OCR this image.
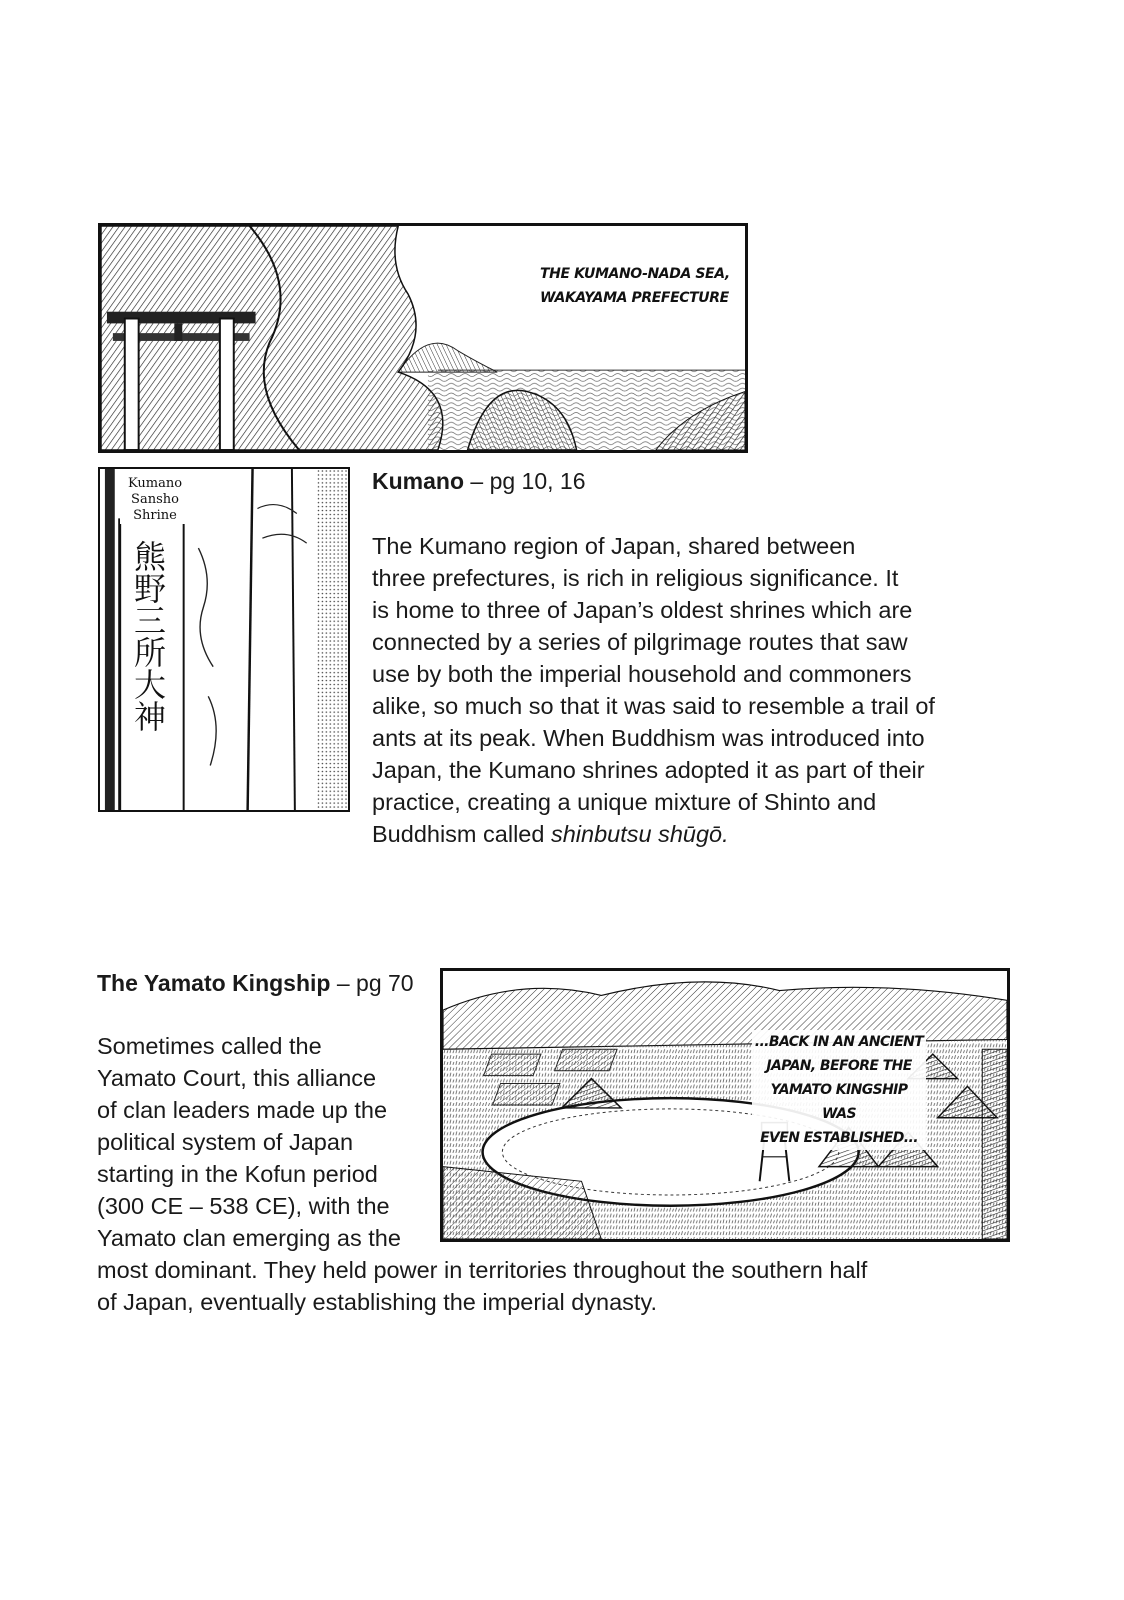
THE KUMANO-NADA SEA,
WAKAYAMA PREFECTURE
Kumano
Sansho
Shrine
熊野三所大神
Kumano – pg 10, 16
The Kumano region of Japan, shared between
three prefectures, is rich in religious significance. It
is home to three of Japan’s oldest shrines which are
connected by a series of pilgrimage routes that saw
use by both the imperial household and commoners
alike, so much so that it was said to resemble a trail of
ants at its peak. When Buddhism was introduced into
Japan, the Kumano shrines adopted it as part of their
practice, creating a unique mixture of Shinto and
Buddhism called shinbutsu shūgō.
The Yamato Kingship – pg 70
Sometimes called the
Yamato Court, this alliance
of clan leaders made up the
political system of Japan
starting in the Kofun period
(300 CE – 538 CE), with the
Yamato clan emerging as the
most dominant. They held power in territories throughout the southern half
of Japan, eventually establishing the imperial dynasty.
...BACK IN AN ANCIENT
JAPAN, BEFORE THE
YAMATO KINGSHIP WAS
EVEN ESTABLISHED...
